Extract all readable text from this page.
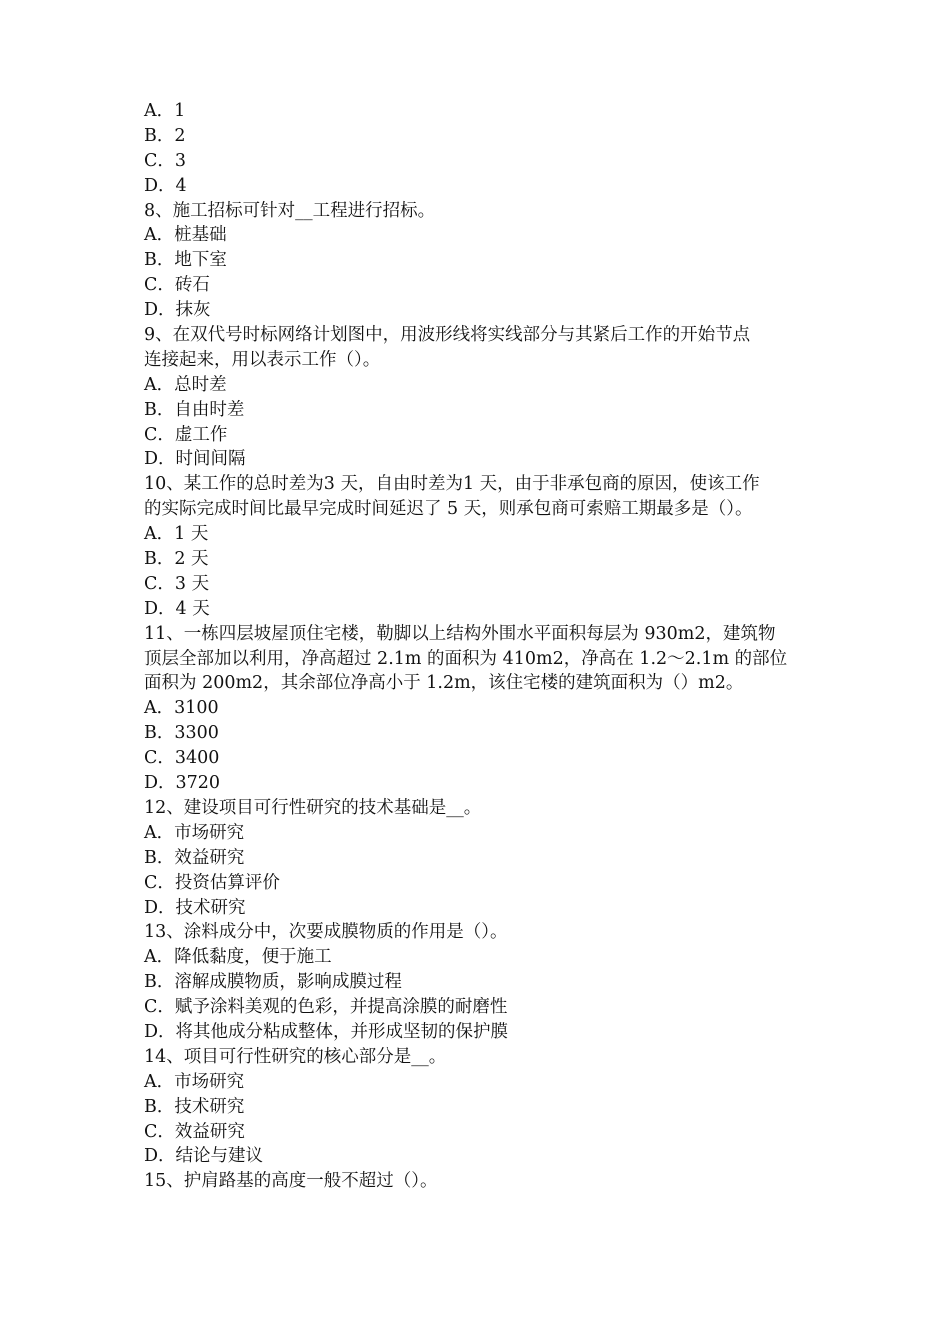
A．1

B．2

C．3

D．4

8、施工招标可针对__工程进行招标。

A．桩基础

B．地下室

C．砖石

D．抹灰

9、在双代号时标网络计划图中，用波形线将实线部分与其紧后工作的开始节点

连接起来，用以表示工作（）。

A．总时差

B．自由时差

C．虚工作

D．时间间隔

10、某工作的总时差为3 天，自由时差为1 天，由于非承包商的原因，使该工作

的实际完成时间比最早完成时间延迟了 5 天，则承包商可索赔工期最多是（）。

A．1 天

B．2 天

C．3 天

D．4 天

11、一栋四层坡屋顶住宅楼，勒脚以上结构外围水平面积每层为 930m2，建筑物

顶层全部加以利用，净高超过 2.1m 的面积为 410m2，净高在 1.2～2.1m 的部位

面积为 200m2，其余部位净高小于 1.2m，该住宅楼的建筑面积为（）m2。

A．3100

B．3300

C．3400

D．3720

12、建设项目可行性研究的技术基础是__。

A．市场研究

B．效益研究

C．投资估算评价

D．技术研究

13、涂料成分中，次要成膜物质的作用是（）。

A．降低黏度，便于施工

B．溶解成膜物质，影响成膜过程

C．赋予涂料美观的色彩，并提高涂膜的耐磨性

D．将其他成分粘成整体，并形成坚韧的保护膜

14、项目可行性研究的核心部分是__。

A．市场研究

B．技术研究

C．效益研究

D．结论与建议

15、护肩路基的高度一般不超过（）。
